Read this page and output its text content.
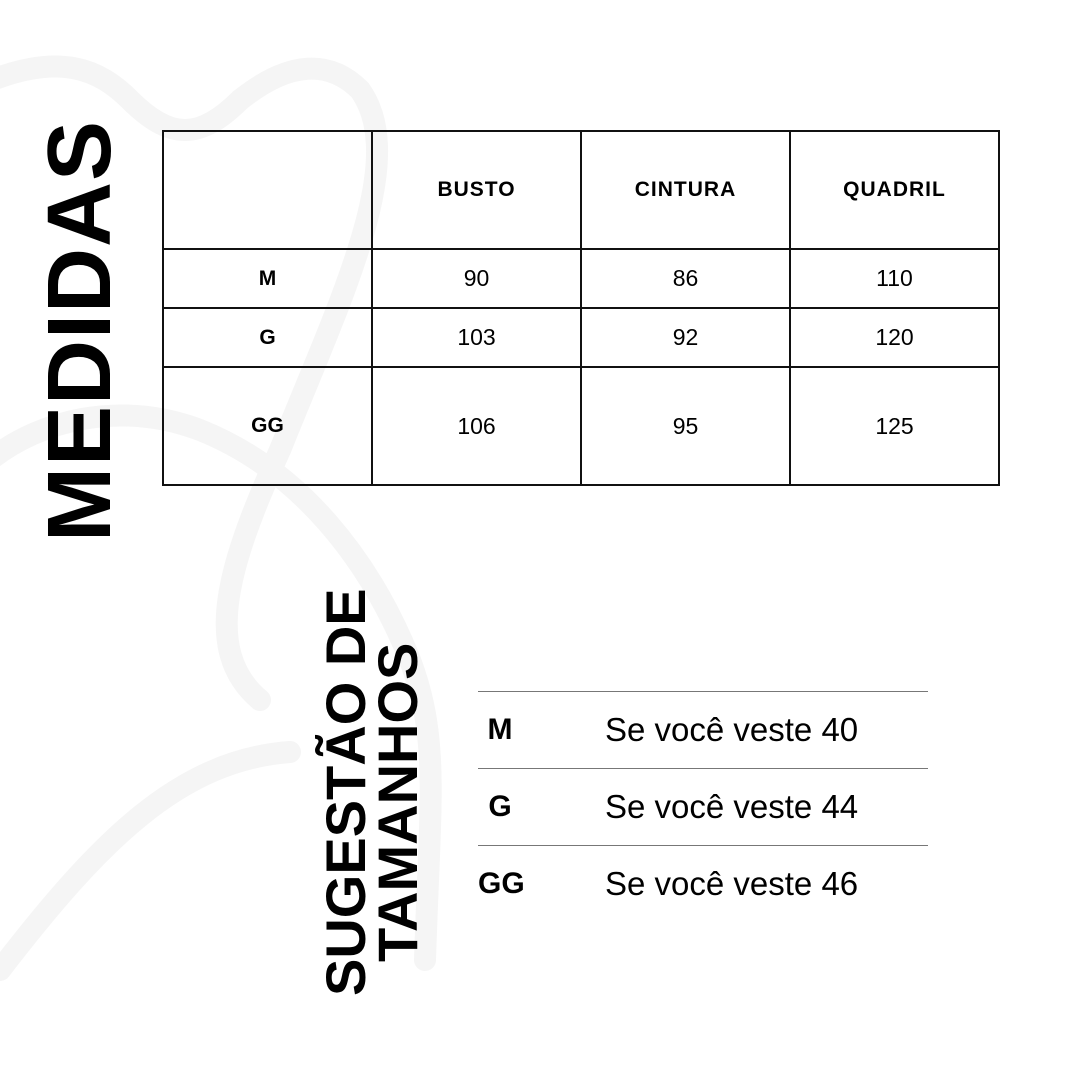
MEDIDAS
		BUSTO	CINTURA	QUADRIL
M	90	86	110
G	103	92	120
GG	106	95	125
SUGESTÃO DE
TAMANHOS	M	Se você veste 40
G	Se você veste 44
GG Se você veste 46
